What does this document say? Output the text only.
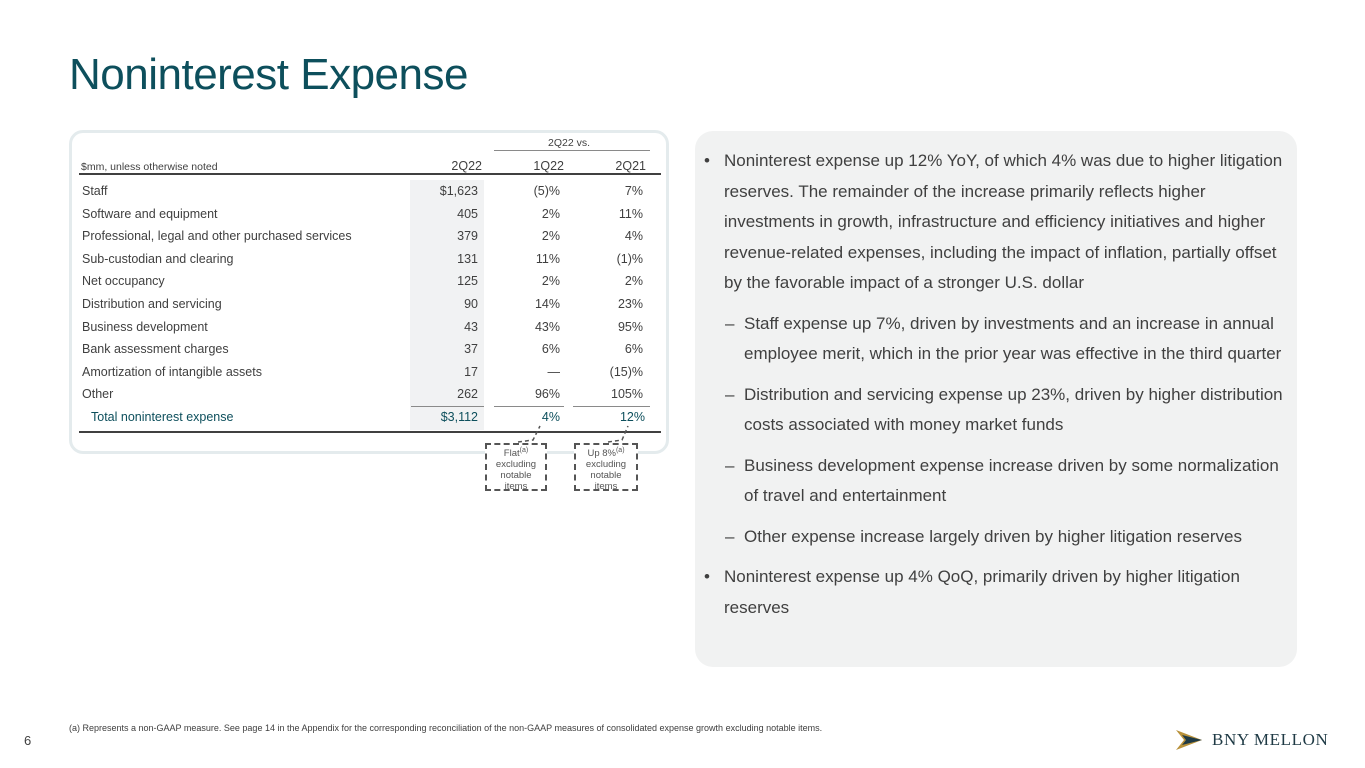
Noninterest Expense
2Q22 vs.
$mm, unless otherwise noted	2Q22	1Q22	2Q21
Staff	$1,623	(5)%	7%
Software and equipment	405	2%	11%
Professional, legal and other purchased services	379	2%	4%
Sub-custodian and clearing	131	11%	(1)%
Net occupancy	125	2%	2%
Distribution and servicing	90	14%	23%
Business development	43	43%	95%
Bank assessment charges	37	6%	6%
Amortization of intangible assets	17	—	(15)%
Other	262	96%	105%
Total noninterest expense	$3,112	4%	12%
Flat$^{(a)}$
excluding
notable
items
Up 8%$^{(a)}$
excluding
notable
items
• Noninterest expense up 12% YoY, of which 4% was due to higher litigation reserves. The remainder of the increase primarily reflects higher investments in growth, infrastructure and efficiency initiatives and higher revenue-related expenses, including the impact of inflation, partially offset by the favorable impact of a stronger U.S. dollar
– Staff expense up 7%, driven by investments and an increase in annual employee merit, which in the prior year was effective in the third quarter
– Distribution and servicing expense up 23%, driven by higher distribution costs associated with money market funds
– Business development expense increase driven by some normalization of travel and entertainment
– Other expense increase largely driven by higher litigation reserves
• Noninterest expense up 4% QoQ, primarily driven by higher litigation reserves
(a) Represents a non-GAAP measure. See page 14 in the Appendix for the corresponding reconciliation of the non-GAAP measures of consolidated expense growth excluding notable items.
6	BNY MELLON
